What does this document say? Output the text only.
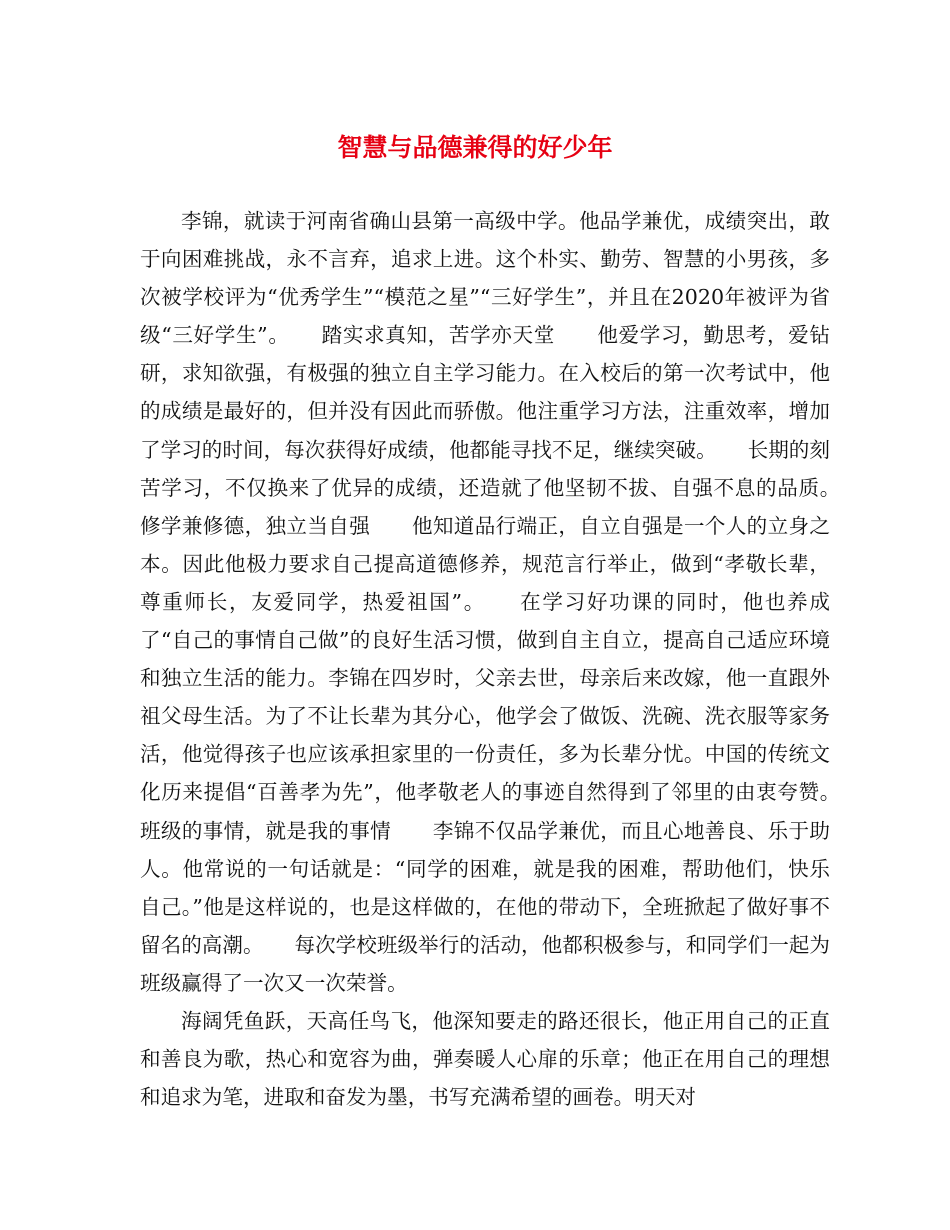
智慧与品德兼得的好少年

李锦，就读于河南省确山县第一高级中学。他品学兼优，成绩突出，敢于向困难挑战，永不言弃，追求上进。这个朴实、勤劳、智慧的小男孩，多次被学校评为“优秀学生”“模范之星”“三好学生”，并且在2020年被评为省级“三好学生”。　　踏实求真知，苦学亦天堂　　他爱学习，勤思考，爱钻研，求知欲强，有极强的独立自主学习能力。在入校后的第一次考试中，他的成绩是最好的，但并没有因此而骄傲。他注重学习方法，注重效率，增加了学习的时间，每次获得好成绩，他都能寻找不足，继续突破。　　长期的刻苦学习，不仅换来了优异的成绩，还造就了他坚韧不拔、自强不息的品质。　　修学兼修德，独立当自强　　他知道品行端正，自立自强是一个人的立身之本。因此他极力要求自己提高道德修养，规范言行举止，做到“孝敬长辈，尊重师长，友爱同学，热爱祖国”。　　在学习好功课的同时，他也养成了“自己的事情自己做”的良好生活习惯，做到自主自立，提高自己适应环境和独立生活的能力。李锦在四岁时，父亲去世，母亲后来改嫁，他一直跟外祖父母生活。为了不让长辈为其分心，他学会了做饭、洗碗、洗衣服等家务活，他觉得孩子也应该承担家里的一份责任，多为长辈分忧。中国的传统文化历来提倡“百善孝为先”，他孝敬老人的事迹自然得到了邻里的由衷夸赞。　　班级的事情，就是我的事情　　李锦不仅品学兼优，而且心地善良、乐于助人。他常说的一句话就是：“同学的困难，就是我的困难，帮助他们，快乐自己。”他是这样说的，也是这样做的，在他的带动下，全班掀起了做好事不留名的高潮。　　每次学校班级举行的活动，他都积极参与，和同学们一起为班级赢得了一次又一次荣誉。

海阔凭鱼跃，天高任鸟飞，他深知要走的路还很长，他正用自己的正直和善良为歌，热心和宽容为曲，弹奏暖人心扉的乐章；他正在用自己的理想和追求为笔，进取和奋发为墨，书写充满希望的画卷。明天对
